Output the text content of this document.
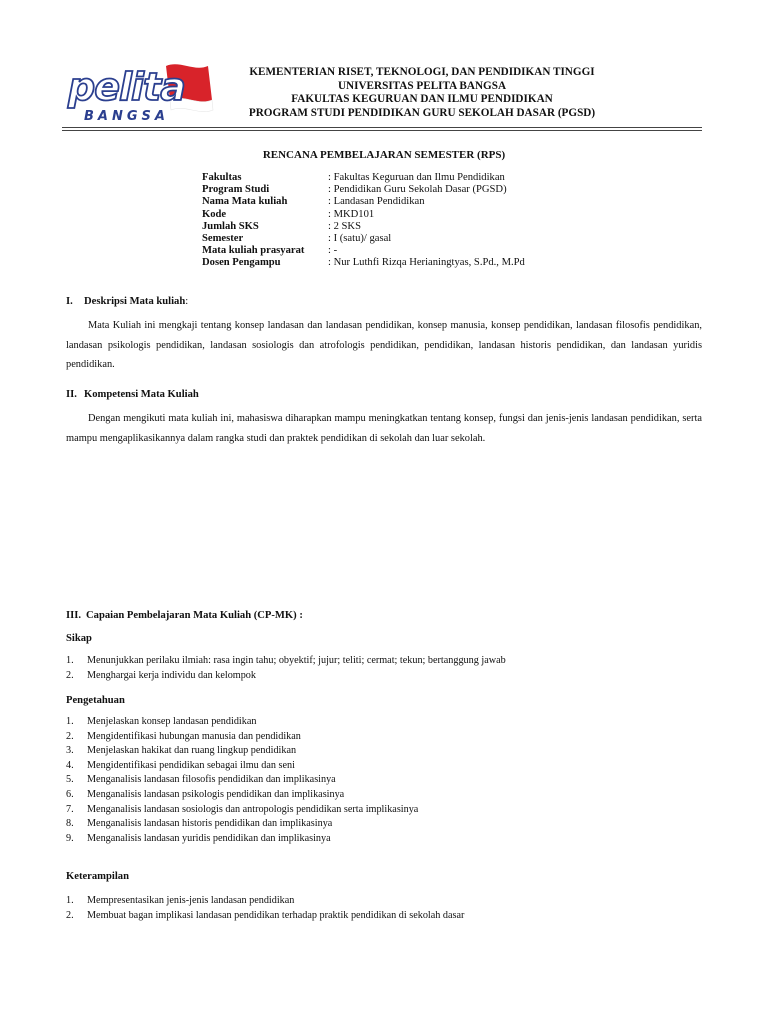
pelita
BANGSA
KEMENTERIAN RISET, TEKNOLOGI, DAN PENDIDIKAN TINGGI
UNIVERSITAS PELITA BANGSA
FAKULTAS KEGURUAN DAN ILMU PENDIDIKAN
PROGRAM STUDI PENDIDIKAN GURU SEKOLAH DASAR (PGSD)
RENCANA PEMBELAJARAN SEMESTER (RPS)
Fakultas	: Fakultas Keguruan dan Ilmu Pendidikan
Program Studi	: Pendidikan Guru Sekolah Dasar (PGSD)
Nama Mata kuliah	: Landasan Pendidikan
Kode	: MKD101
Jumlah SKS	: 2 SKS
Semester	: I (satu)/ gasal
Mata kuliah prasyarat	: -
Dosen Pengampu	: Nur Luthfi Rizqa Herianingtyas, S.Pd., M.Pd
I. Deskripsi Mata kuliah:
Mata Kuliah ini mengkaji tentang konsep landasan dan landasan pendidikan, konsep manusia, konsep pendidikan, landasan filosofis pendidikan, landasan psikologis pendidikan, landasan sosiologis dan atrofologis pendidikan, pendidikan, landasan historis pendidikan, dan landasan yuridis pendidikan.
II. Kompetensi Mata Kuliah
Dengan mengikuti mata kuliah ini, mahasiswa diharapkan mampu meningkatkan tentang konsep, fungsi dan jenis-jenis landasan pendidikan, serta mampu mengaplikasikannya dalam rangka studi dan praktek pendidikan di sekolah dan luar sekolah.
III. Capaian Pembelajaran Mata Kuliah (CP-MK) :
Sikap
1.	Menunjukkan perilaku ilmiah: rasa ingin tahu; obyektif; jujur; teliti; cermat; tekun; bertanggung jawab
2.	Menghargai kerja individu dan kelompok
Pengetahuan
1.	Menjelaskan konsep landasan pendidikan
2.	Mengidentifikasi hubungan manusia dan pendidikan
3.	Menjelaskan hakikat dan ruang lingkup pendidikan
4.	Mengidentifikasi pendidikan sebagai ilmu dan seni
5.	Menganalisis landasan filosofis pendidikan dan implikasinya
6.	Menganalisis landasan psikologis pendidikan dan implikasinya
7.	Menganalisis landasan sosiologis dan antropologis pendidikan serta implikasinya
8.	Menganalisis landasan historis pendidikan dan implikasinya
9.	Menganalisis landasan yuridis pendidikan dan implikasinya
Keterampilan
1.	Mempresentasikan jenis-jenis landasan pendidikan
2.	Membuat bagan implikasi landasan pendidikan terhadap praktik pendidikan di sekolah dasar
